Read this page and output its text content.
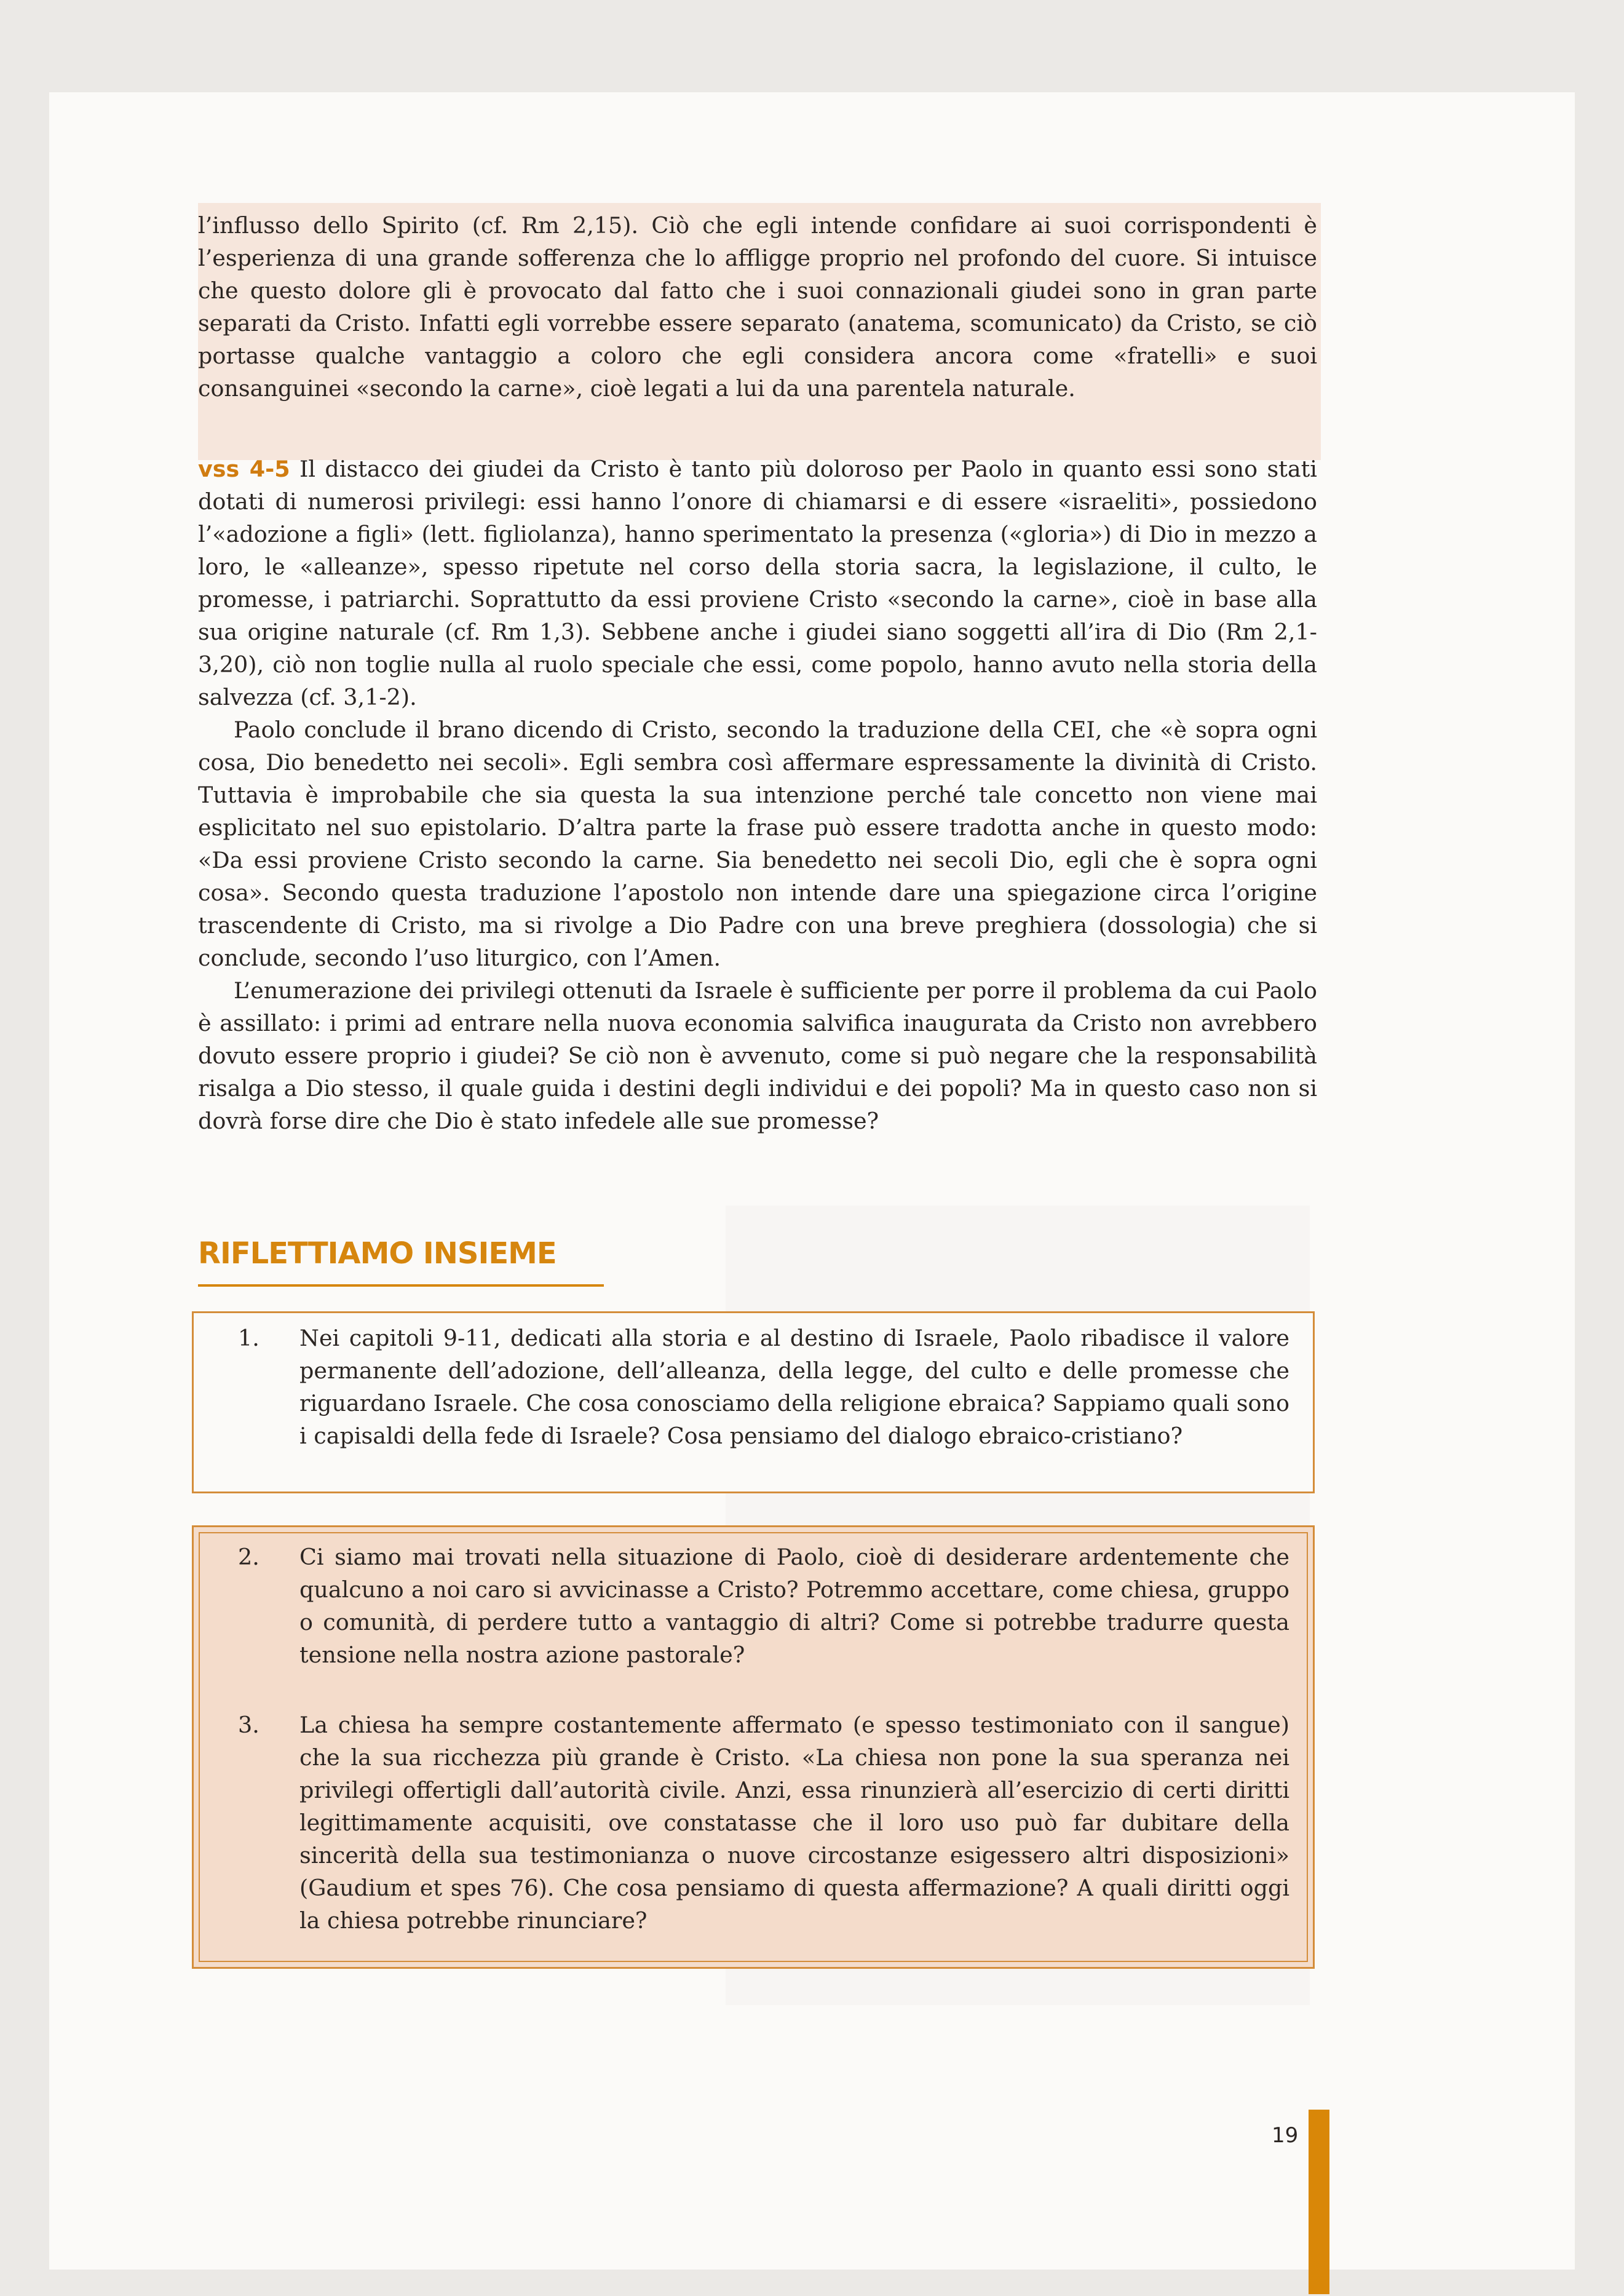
l’influsso dello Spirito (cf. Rm 2,15). Ciò che egli intende confidare ai suoi corrispondenti è l’esperienza di una grande sofferenza che lo affligge proprio nel profondo del cuore. Si intuisce che questo dolore gli è provocato dal fatto che i suoi connazionali giudei sono in gran parte separati da Cristo. Infatti egli vorrebbe essere separato (anatema, scomunicato) da Cristo, se ciò portasse qualche vantaggio a coloro che egli considera ancora come «fratelli» e suoi consanguinei «secondo la carne», cioè legati a lui da una parentela naturale.

vss 4-5 Il distacco dei giudei da Cristo è tanto più doloroso per Paolo in quanto essi sono stati dotati di numerosi privilegi: essi hanno l’onore di chiamarsi e di essere «israeliti», possiedono l’«adozione a figli» (lett. figliolanza), hanno sperimentato la presenza («gloria») di Dio in mezzo a loro, le «alleanze», spesso ripetute nel corso della storia sacra, la legislazione, il culto, le promesse, i patriarchi. Soprattutto da essi proviene Cristo «secondo la carne», cioè in base alla sua origine naturale (cf. Rm 1,3). Sebbene anche i giudei siano soggetti all’ira di Dio (Rm 2,1-3,20), ciò non toglie nulla al ruolo speciale che essi, come popolo, hanno avuto nella storia della salvezza (cf. 3,1-2).

Paolo conclude il brano dicendo di Cristo, secondo la traduzione della CEI, che «è sopra ogni cosa, Dio benedetto nei secoli». Egli sembra così affermare espressamente la divinità di Cristo. Tuttavia è improbabile che sia questa la sua intenzione perché tale concetto non viene mai esplicitato nel suo epistolario. D’altra parte la frase può essere tradotta anche in questo modo: «Da essi proviene Cristo secondo la carne. Sia benedetto nei secoli Dio, egli che è sopra ogni cosa». Secondo questa traduzione l’apostolo non intende dare una spiegazione circa l’origine trascendente di Cristo, ma si rivolge a Dio Padre con una breve preghiera (dossologia) che si conclude, secondo l’uso liturgico, con l’Amen.

L’enumerazione dei privilegi ottenuti da Israele è sufficiente per porre il problema da cui Paolo è assillato: i primi ad entrare nella nuova economia salvifica inaugurata da Cristo non avrebbero dovuto essere proprio i giudei? Se ciò non è avvenuto, come si può negare che la responsabilità risalga a Dio stesso, il quale guida i destini degli individui e dei popoli? Ma in questo caso non si dovrà forse dire che Dio è stato infedele alle sue promesse?

RIFLETTIAMO INSIEME
1.	Nei capitoli 9-11, dedicati alla storia e al destino di Israele, Paolo ribadisce il valore permanente dell’adozione, dell’alleanza, della legge, del culto e delle promesse che riguardano Israele. Che cosa conosciamo della religione ebraica? Sappiamo quali sono i capisaldi della fede di Israele? Cosa pensiamo del dialogo ebraico-cristiano?
2.	Ci siamo mai trovati nella situazione di Paolo, cioè di desiderare ardentemente che qualcuno a noi caro si avvicinasse a Cristo? Potremmo accettare, come chiesa, gruppo o comunità, di perdere tutto a vantaggio di altri? Come si potrebbe tradurre questa tensione nella nostra azione pastorale?
3.	La chiesa ha sempre costantemente affermato (e spesso testimoniato con il sangue) che la sua ricchezza più grande è Cristo. «La chiesa non pone la sua speranza nei privilegi offertigli dall’autorità civile. Anzi, essa rinunzierà all’esercizio di certi diritti legittimamente acquisiti, ove constatasse che il loro uso può far dubitare della sincerità della sua testimonianza o nuove circostanze esigessero altri disposizioni» (Gaudium et spes 76). Che cosa pensiamo di questa affermazione? A quali diritti oggi la chiesa potrebbe rinunciare?
19
